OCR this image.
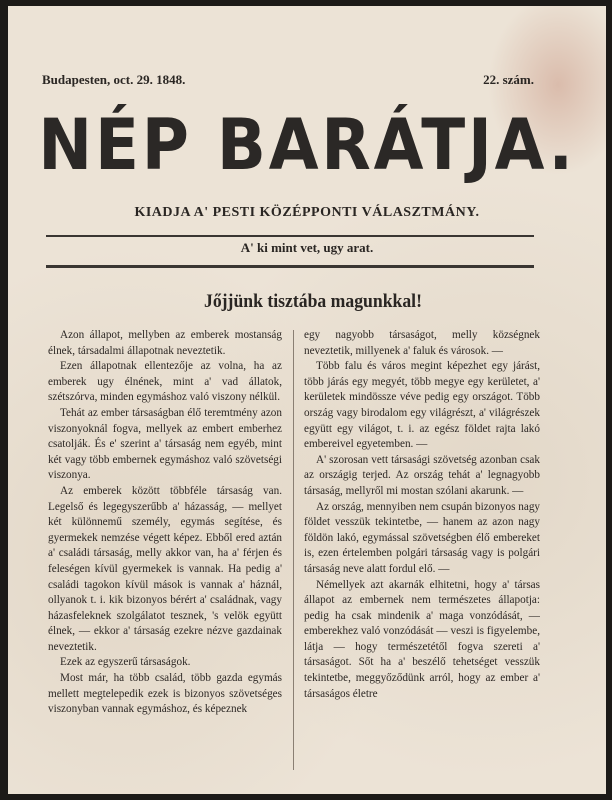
Budapesten, oct. 29. 1848.	22. szám.
NÉP BARÁTJA.
KIADJA A' PESTI KÖZÉPPONTI VÁLASZTMÁNY.
A' ki mint vet, ugy arat.
Jőjjünk tisztába magunkkal!

Azon állapot, mellyben az emberek mostanság élnek, társadalmi állapotnak neveztetik.

Ezen állapotnak ellentezője az volna, ha az emberek ugy élnének, mint a' vad állatok, szétszórva, minden egymáshoz való viszony nélkül.

Tehát az ember társaságban élő teremtmény azon viszonyoknál fogva, mellyek az embert emberhez csatolják. És e' szerint a' társaság nem egyéb, mint két vagy több embernek egymáshoz való szövetségi viszonya.

Az emberek között többféle társaság van. Legelső és legegyszerűbb a' házasság, — mellyet két különnemű személy, egymás segítése, és gyermekek nemzése végett képez. Ebből ered aztán a' családi társaság, melly akkor van, ha a' férjen és feleségen kívül gyermekek is vannak. Ha pedig a' családi tagokon kívül mások is vannak a' háznál, ollyanok t. i. kik bizonyos bérért a' családnak, vagy házasfeleknek szolgálatot tesznek, 's velök együtt élnek, — ekkor a' társaság ezekre nézve gazdainak neveztetik.

Ezek az egyszerű társaságok.

Most már, ha több család, több gazda egymás mellett megtelepedik ezek is bizonyos szövetséges viszonyban vannak egymáshoz, és képeznek

egy nagyobb társaságot, melly községnek neveztetik, millyenek a' faluk és városok. —

Több falu és város megint képezhet egy járást, több járás egy megyét, több megye egy kerületet, a' kerületek mindössze véve pedig egy országot. Több ország vagy birodalom egy világrészt, a' világrészek együtt egy világot, t. i. az egész földet rajta lakó embereivel egyetemben. —

A' szorosan vett társasági szövetség azonban csak az országig terjed. Az ország tehát a' legnagyobb társaság, mellyről mi mostan szólani akarunk. —

Az ország, mennyiben nem csupán bizonyos nagy földet vesszük tekintetbe, — hanem az azon nagy földön lakó, egymással szövetségben élő embereket is, ezen értelemben polgári társaság vagy is polgári társaság neve alatt fordul elő. —

Némellyek azt akarnák elhitetni, hogy a' társas állapot az embernek nem természetes állapotja: pedig ha csak mindenik a' maga vonzódását, — emberekhez való vonzódását — veszi is figyelembe, látja — hogy természetétől fogva szereti a' társaságot. Sőt ha a' beszélő tehetséget vesszük tekintetbe, meggyőződünk arról, hogy az ember a' társaságos életre
